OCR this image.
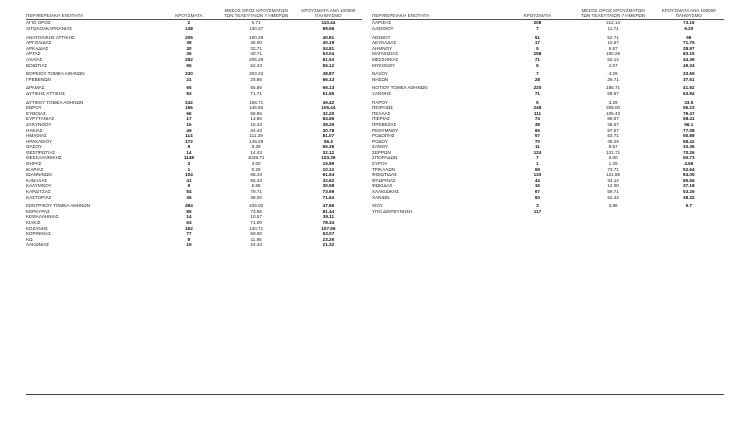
ΠΕΡΙΦΕΡΕΙΑΚΗ ΕΝΟΤΗΤΑ	ΚΡΟΥΣΜΑΤΑ	ΜΕΣΟΣ ΟΡΟΣ ΚΡΟΥΣΜΑΤΩΝ
ΤΩΝ ΤΕΛΕΥΤΑΙΩΝ 7 ΗΜΕΡΩΝ	ΚΡΟΥΣΜΑΤΑ ΑΝΑ 100000
ΠΛΗΘΥΣΜΟ
ΑΓΙΟ ΟΡΟΣ	2	0.71	110.44
ΑΙΤΩΛΟΑΚΑΡΝΑΝΙΑΣ	148	130.37	69.96

ΑΝΑΤΟΛΙΚΗΣ ΑΤΤΙΚΗΣ	205	190.29	40.81
ΑΡΓΟΛΙΔΑΣ	38	45.00	40.19
ΑΡΚΑΔΙΑΣ	30	32.71	34.81
ΑΡΤΑΣ	36	40.71	53.04
ΑΧΑΪΑΣ	252	205.29	81.53
ΒΟΙΩΤΙΑΣ	65	52.43	55.12

ΒΟΡΕΙΟΥ ΤΟΜΕΑ ΑΘΗΝΩΝ	230	203.43	38.87
ΓΡΕΒΕΝΩΝ	21	25.86	66.13

ΔΡΑΜΑΣ	65	55.86	66.13
ΔΥΤΙΚΗΣ ΑΤΤΙΚΗΣ	83	71.71	51.55

ΔΥΤΙΚΟΥ ΤΟΜΕΑ ΑΘΗΝΩΝ	242	198.71	49.42
ΕΒΡΟΥ	156	146.86	105.44
ΕΥΒΟΙΑΣ	66	58.86	32.20
ΕΥΡΥΤΑΝΙΑΣ	17	13.86	84.66
ΖΑΚΥΝΘΟΥ	16	15.43	38.26
ΗΛΕΙΑΣ	49	34.43	30.78
ΗΜΑΘΙΑΣ	114	111.29	81.07
ΗΡΑΚΛΕΙΟΥ	172	149.29	56.3
ΘΑΣΟΥ	9	8.29	65.36
ΘΕΣΠΡΩΤΙΑΣ	14	14.43	32.12
ΘΕΣΣΑΛΟΝΙΚΗΣ	1148	1026.71	103.39
ΘΗΡΑΣ	3	4.00	15.89
ΙΚΑΡΙΑΣ	1	0.29	10.12
ΙΩΑΝΝΙΝΩΝ	104	88.43	61.94
ΚΑΒΑΛΑΣ	41	55.43	32.62
ΚΑΛΥΜΝΟΥ	9	5.86	30.58
ΚΑΡΔΙΤΣΑΣ	84	79.71	73.99
ΚΑΣΤΟΡΙΑΣ	36	38.00	71.54

ΚΕΝΤΡΙΚΟΥ ΤΟΜΕΑ ΑΘΗΝΩΝ	494	426.00	47.86
ΚΕΡΚΥΡΑΣ	85	73.86	81.44
ΚΕΦΑΛΛΗΝΙΑΣ	14	10.57	39.11
ΚΙΛΚΙΣ	63	71.00	78.34
ΚΟΖΑΝΗΣ	162	140.71	107.59
ΚΟΡΙΝΘΙΑΣ	77	69.00	53.07
ΚΩ	8	11.86	23.26
ΛΑΚΩΝΙΑΣ	19	24.43	21.32
ΠΕΡΙΦΕΡΕΙΑΚΗ ΕΝΟΤΗΤΑ	ΚΡΟΥΣΜΑΤΑ	ΜΕΣΟΣ ΟΡΟΣ ΚΡΟΥΣΜΑΤΩΝ
ΤΩΝ ΤΕΛΕΥΤΑΙΩΝ 7 ΗΜΕΡΩΝ	ΚΡΟΥΣΜΑΤΑ ΑΝΑ 100000
ΠΛΗΘΥΣΜΟ
ΛΑΡΙΣΑΣ	208	212.14	73.16
ΛΑΣΙΘΙΟΥ	7	11.71	9.20

ΛΕΣΒΟΥ	51	52.71	59
ΛΕΥΚΑΔΑΣ	17	10.57	71.75
ΛΗΜΝΟΥ	5	6.57	28.97
ΜΑΓΝΗΣΙΑΣ	158	160.29	83.15
ΜΕΣΣΗΝΙΑΣ	71	62.14	44.39
ΜΥΚΟΝΟΥ	5	4.57	49.34

ΝΑΞΟΥ	7	4.29	33.59
ΝΗΣΩΝ	28	26.71	37.51

ΝΟΤΙΟΥ ΤΟΜΕΑ ΑΘΗΝΩΝ	220	186.71	41.52
ΞΑΝΘΗΣ	71	69.57	63.84

ΠΑΡΟΥ	5	3.29	33.5
ΠΕΙΡΑΙΩΣ	248	208.00	55.23
ΠΕΛΛΑΣ	111	105.43	79.47
ΠΙΕΡΙΑΣ	74	89.57	58.41
ΠΡΕΒΕΖΑΣ	38	35.57	66.1
ΡΕΘΥΜΝΟΥ	66	57.57	77.08
ΡΟΔΟΠΗΣ	57	53.71	50.88
ΡΟΔΟΥ	70	48.29	58.42
ΣΑΜΟΥ	11	8.57	33.36
ΣΕΡΡΩΝ	124	121.71	70.26
ΣΠΟΡΑΔΩΝ	7	6.00	50.73
ΣΥΡΟΥ	1	1.29	4.65
ΤΡΙΚΑΛΩΝ	69	73.71	52.64
ΦΘΙΩΤΙΔΑΣ	133	121.86	84.05
ΦΛΩΡΙΝΑΣ	44	34.14	85.56
ΦΩΚΙΔΑΣ	15	12.00	37.18
ΧΑΛΚΙΔΙΚΗΣ	67	59.71	63.26
ΧΑΝΙΩΝ	60	52.43	38.32

ΧΙΟΥ	3	3.86	5.7
ΥΠΟ ΔΙΕΡΕΥΝΗΣΗ	117		
